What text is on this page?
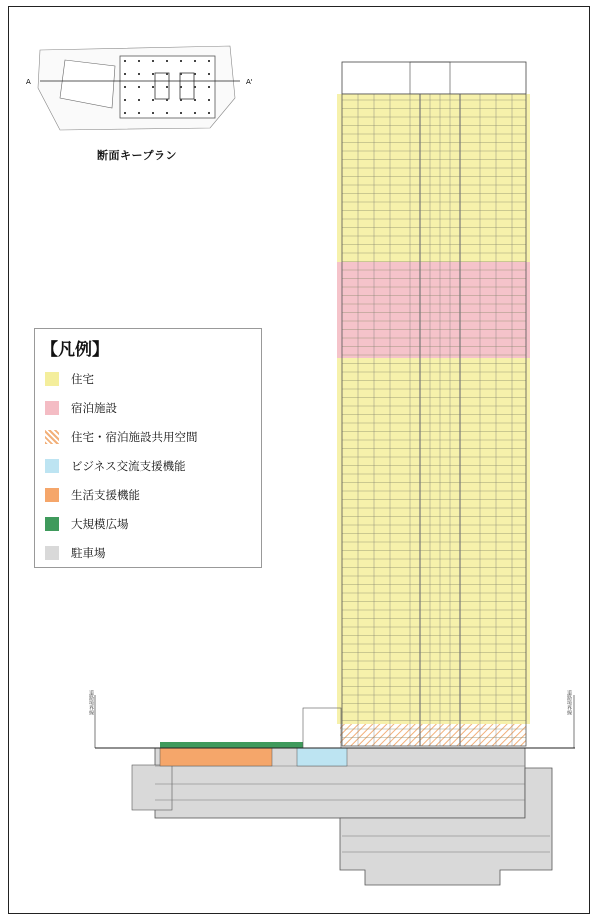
A	A'
断面キープラン
道路境界線	道路境界線
【凡例】
住宅
宿泊施設
住宅・宿泊施設共用空間
ビジネス交流支援機能
生活支援機能
大規模広場
駐車場
